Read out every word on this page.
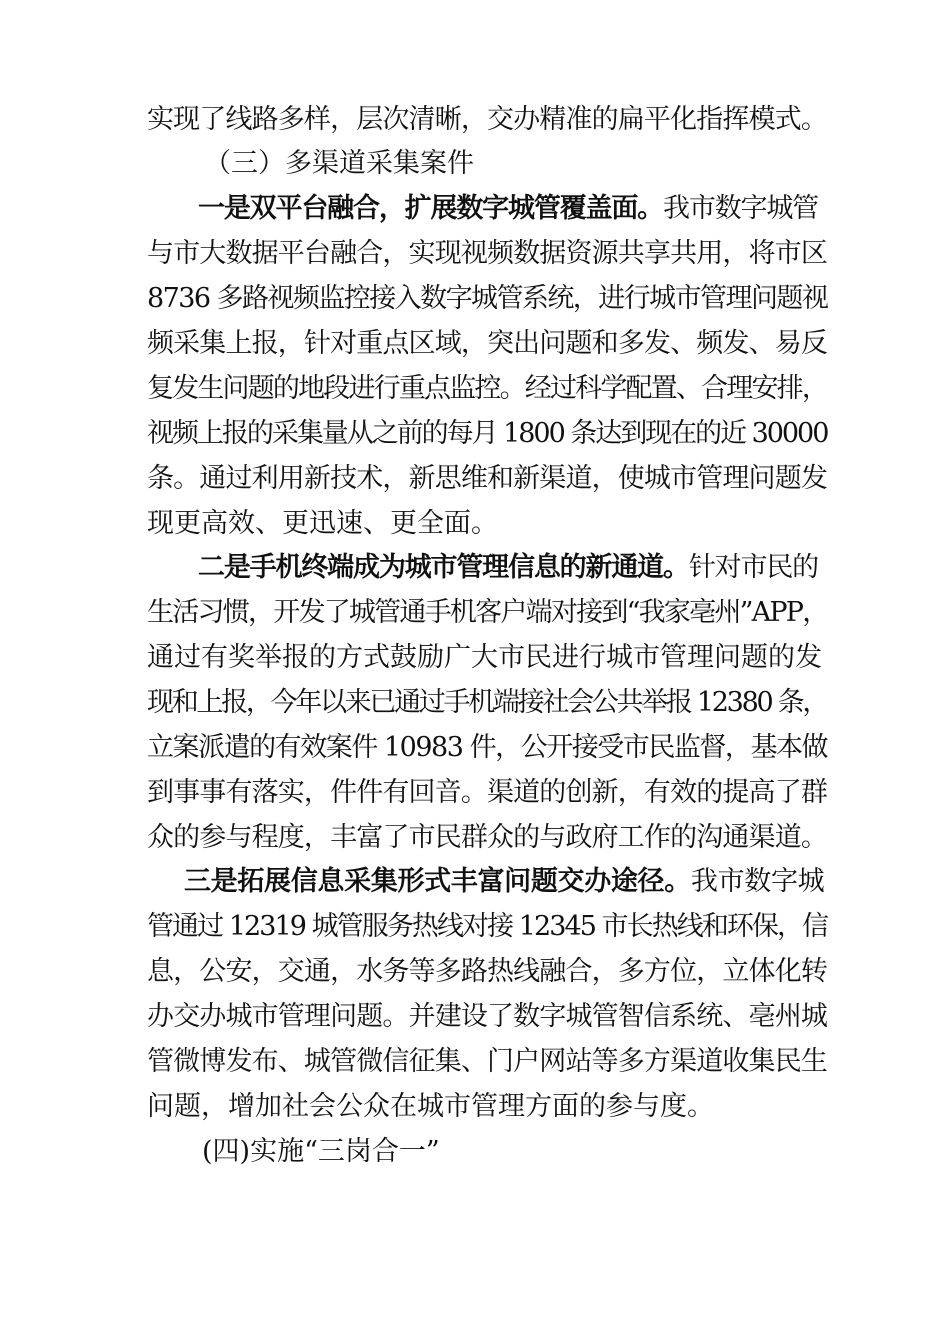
实现了线路多样，层次清晰，交办精准的扁平化指挥模式。

（三）多渠道采集案件

一是双平台融合，扩展数字城管覆盖面。我市数字城管

与市大数据平台融合，实现视频数据资源共享共用，将市区

8736 多路视频监控接入数字城管系统，进行城市管理问题视

频采集上报，针对重点区域，突出问题和多发、频发、易反

复发生问题的地段进行重点监控。经过科学配置、合理安排，

视频上报的采集量从之前的每月 1800 条达到现在的近 30000

条。通过利用新技术，新思维和新渠道，使城市管理问题发

现更高效、更迅速、更全面。

二是手机终端成为城市管理信息的新通道。针对市民的

生活习惯，开发了城管通手机客户端对接到“我家亳州”APP，

通过有奖举报的方式鼓励广大市民进行城市管理问题的发

现和上报，今年以来已通过手机端接社会公共举报 12380 条，

立案派遣的有效案件 10983 件，公开接受市民监督，基本做

到事事有落实，件件有回音。渠道的创新，有效的提高了群

众的参与程度，丰富了市民群众的与政府工作的沟通渠道。

三是拓展信息采集形式丰富问题交办途径。我市数字城

管通过 12319 城管服务热线对接 12345 市长热线和环保，信

息，公安，交通，水务等多路热线融合，多方位，立体化转

办交办城市管理问题。并建设了数字城管智信系统、亳州城

管微博发布、城管微信征集、门户网站等多方渠道收集民生

问题，增加社会公众在城市管理方面的参与度。

(四)实施“三岗合一”
